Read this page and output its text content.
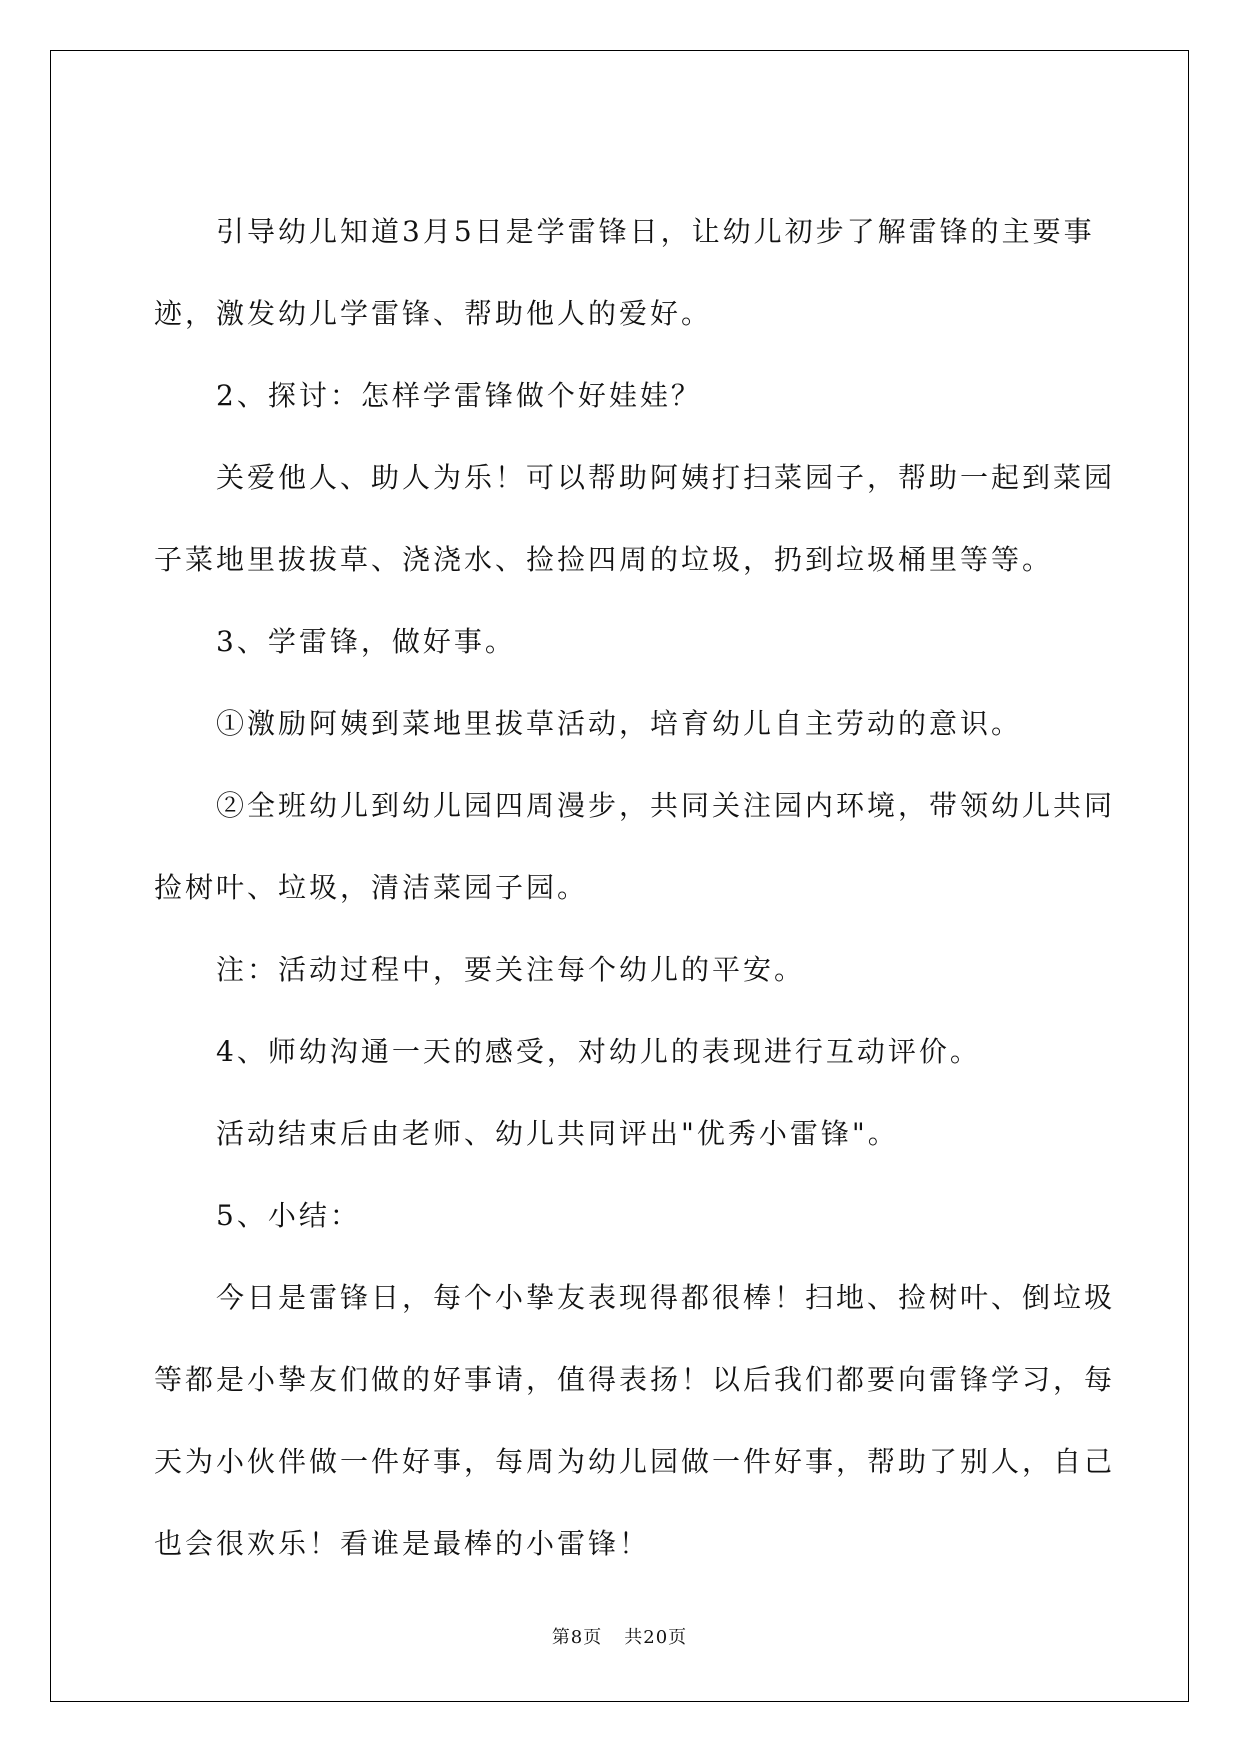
引导幼儿知道3月5日是学雷锋日，让幼儿初步了解雷锋的主要事迹，激发幼儿学雷锋、帮助他人的爱好。

2、探讨：怎样学雷锋做个好娃娃？

关爱他人、助人为乐！可以帮助阿姨打扫菜园子，帮助一起到菜园子菜地里拔拔草、浇浇水、捡捡四周的垃圾，扔到垃圾桶里等等。

3、学雷锋，做好事。

①激励阿姨到菜地里拔草活动，培育幼儿自主劳动的意识。

②全班幼儿到幼儿园四周漫步，共同关注园内环境，带领幼儿共同捡树叶、垃圾，清洁菜园子园。

注：活动过程中，要关注每个幼儿的平安。

4、师幼沟通一天的感受，对幼儿的表现进行互动评价。

活动结束后由老师、幼儿共同评出"优秀小雷锋"。

5、小结：

今日是雷锋日，每个小挚友表现得都很棒！扫地、捡树叶、倒垃圾等都是小挚友们做的好事请，值得表扬！以后我们都要向雷锋学习，每天为小伙伴做一件好事，每周为幼儿园做一件好事，帮助了别人，自己也会很欢乐！看谁是最棒的小雷锋！

第8页 共20页
